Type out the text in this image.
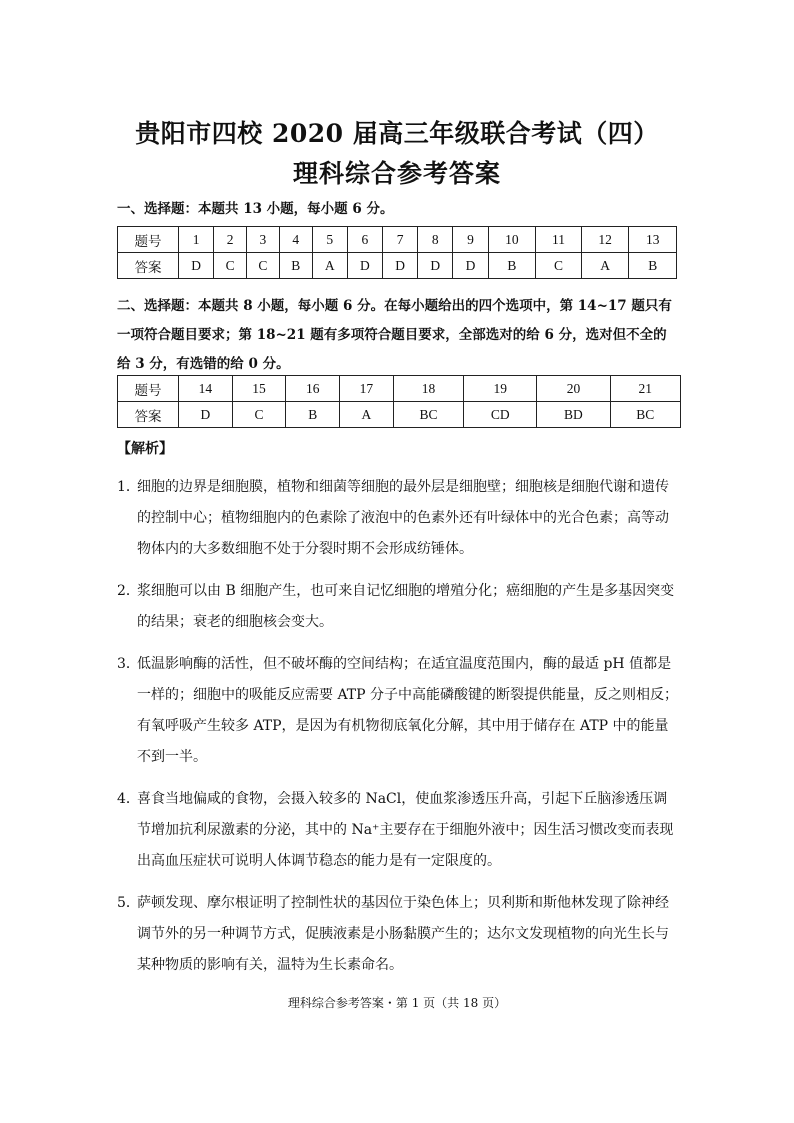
贵阳市四校 2020 届高三年级联合考试（四）
理科综合参考答案
一、选择题：本题共 13 小题，每小题 6 分。
题号	1	2	3	4	5	6	7	8	9	10	11	12	13
答案	D	C	C	B	A	D	D	D	D	B	C	A	B
二、选择题：本题共 8 小题，每小题 6 分。在每小题给出的四个选项中，第 14~17 题只有一项符合题目要求；第 18~21 题有多项符合题目要求，全部选对的给 6 分，选对但不全的给 3 分，有选错的给 0 分。
题号	14	15	16	17	18	19	20	21
答案	D	C	B	A	BC	CD	BD	BC
【解析】
1．
细胞的边界是细胞膜，植物和细菌等细胞的最外层是细胞壁；细胞核是细胞代谢和遗传的控制中心；植物细胞内的色素除了液泡中的色素外还有叶绿体中的光合色素；高等动物体内的大多数细胞不处于分裂时期不会形成纺锤体。
2．
浆细胞可以由 B 细胞产生，也可来自记忆细胞的增殖分化；癌细胞的产生是多基因突变的结果；衰老的细胞核会变大。
3．
低温影响酶的活性，但不破坏酶的空间结构；在适宜温度范围内，酶的最适 pH 值都是一样的；细胞中的吸能反应需要 ATP 分子中高能磷酸键的断裂提供能量，反之则相反；有氧呼吸产生较多 ATP，是因为有机物彻底氧化分解，其中用于储存在 ATP 中的能量不到一半。
4．
喜食当地偏咸的食物，会摄入较多的 NaCl，使血浆渗透压升高，引起下丘脑渗透压调节增加抗利尿激素的分泌，其中的 Na⁺主要存在于细胞外液中；因生活习惯改变而表现出高血压症状可说明人体调节稳态的能力是有一定限度的。
5．
萨顿发现、摩尔根证明了控制性状的基因位于染色体上；贝利斯和斯他林发现了除神经调节外的另一种调节方式，促胰液素是小肠黏膜产生的；达尔文发现植物的向光生长与某种物质的影响有关，温特为生长素命名。
理科综合参考答案・第 1 页（共 18 页）
